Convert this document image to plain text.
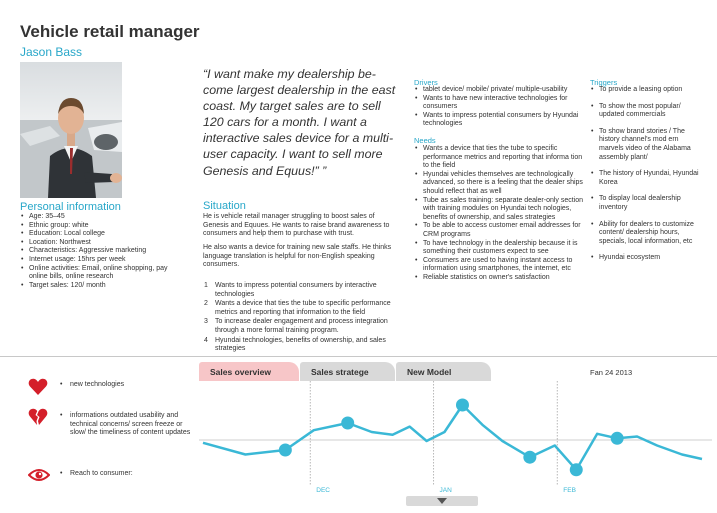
Vehicle retail manager
Jason Bass
Personal information
• Age: 35–45
• Ethnic group: white
• Education: Local college
• Location: Northwest
• Characteristics: Aggressive marketing
• Internet usage: 15hrs per week
• Online activities: Email, online shopping, pay online bills, online research
• Target sales: 120/ month
“I want make my dealership be-come largest dealership in the east coast. My target sales are to sell 120 cars for a month. I want a interactive sales device for a multi-user capacity. I want to sell more Genesis and Equus!” ”
Situation
He is vehicle retail manager struggling to boost sales of Genesis and Equues. He wants to raise brand awareness to consumers and help them to purchase with trust.
He also wants a device for training new sale staffs. He thinks language translation is helpful for non-English speaking consumers.
1 Wants to impress potential consumers by interactive technologies
2 Wants a device that ties the tube to specific performance metrics and reporting that information to the field
3 To increase dealer engagement and process integration through a more formal training program.
4 Hyundai technologies, benefits of ownership, and sales strategies
Drivers
• tablet device/ mobile/ private/ multiple-usability
• Wants to have new interactive technologies for consumers
• Wants to impress potential consumers by Hyundai technologies
Needs
• Wants a device that ties the tube to specific performance metrics and reporting that informa tion to the field
• Hyundai vehicles themselves are technologically advanced, so there is a feeling that the dealer ships should reflect that as well
• Tube as sales training: separate dealer-only section with training modules on Hyundai tech nologies, benefits of ownership, and sales strategies
• To be able to access customer email addresses for CRM programs
• To have technology in the dealership because it is something their customers expect to see
• Consumers are used to having instant access to information using smartphones, the internet, etc
• Reliable statistics on owner's satisfaction
Triggers
• To provide a leasing option
• To show the most popular/ updated commercials
• To show brand stories / The history channel's mod ern marvels video of the Alabama assembly plant/
• The history of Hyundai, Hyundai Korea
• To display local dealership inventory
• Ability for dealers to customize content/ dealership hours, specials, local information, etc
• Hyundai ecosystem
Sales overview	Sales stratege	New Model	Fan 24 2013
• new technologies
• informations outdated usability and technical concerns/ screen freeze or slow/ the timeliness of content updates
• Reach to consumer:
DEC	JAN	FEB
